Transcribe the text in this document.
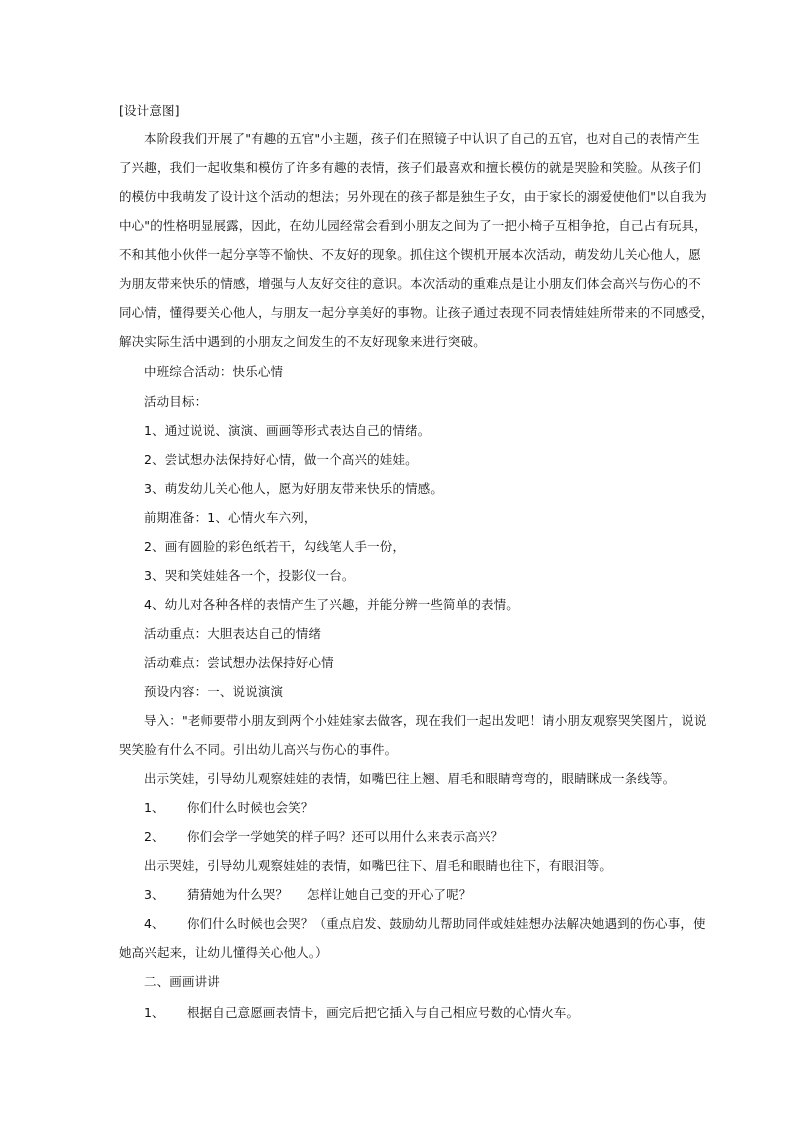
[设计意图]
本阶段我们开展了"有趣的五官"小主题，孩子们在照镜子中认识了自己的五官，也对自己的表情产生
了兴趣，我们一起收集和模仿了许多有趣的表情，孩子们最喜欢和擅长模仿的就是哭脸和笑脸。从孩子们
的模仿中我萌发了设计这个活动的想法；另外现在的孩子都是独生子女，由于家长的溺爱使他们"以自我为
中心"的性格明显展露，因此，在幼儿园经常会看到小朋友之间为了一把小椅子互相争抢，自己占有玩具，
不和其他小伙伴一起分享等不愉快、不友好的现象。抓住这个锲机开展本次活动，萌发幼儿关心他人，愿
为朋友带来快乐的情感，增强与人友好交往的意识。本次活动的重难点是让小朋友们体会高兴与伤心的不
同心情，懂得要关心他人，与朋友一起分享美好的事物。让孩子通过表现不同表情娃娃所带来的不同感受，
解决实际生活中遇到的小朋友之间发生的不友好现象来进行突破。
中班综合活动：快乐心情
活动目标：
1、通过说说、演演、画画等形式表达自己的情绪。
2、尝试想办法保持好心情，做一个高兴的娃娃。
3、萌发幼儿关心他人，愿为好朋友带来快乐的情感。
前期准备：1、心情火车六列，
2、画有圆脸的彩色纸若干，勾线笔人手一份，
3、哭和笑娃娃各一个，投影仪一台。
4、幼儿对各种各样的表情产生了兴趣，并能分辨一些简单的表情。
活动重点：大胆表达自己的情绪
活动难点：尝试想办法保持好心情
预设内容：一、说说演演
导入："老师要带小朋友到两个小娃娃家去做客，现在我们一起出发吧！请小朋友观察哭笑图片，说说
哭笑脸有什么不同。引出幼儿高兴与伤心的事件。
出示笑娃，引导幼儿观察娃娃的表情，如嘴巴往上翘、眉毛和眼睛弯弯的，眼睛眯成一条线等。
1、 你们什么时候也会笑？
2、 你们会学一学她笑的样子吗？还可以用什么来表示高兴？
出示哭娃，引导幼儿观察娃娃的表情，如嘴巴往下、眉毛和眼睛也往下，有眼泪等。
3、 猜猜她为什么哭？ 怎样让她自己变的开心了呢？
4、 你们什么时候也会哭？（重点启发、鼓励幼儿帮助同伴或娃娃想办法解决她遇到的伤心事，使
她高兴起来，让幼儿懂得关心他人。）
二、画画讲讲
1、 根据自己意愿画表情卡，画完后把它插入与自己相应号数的心情火车。
